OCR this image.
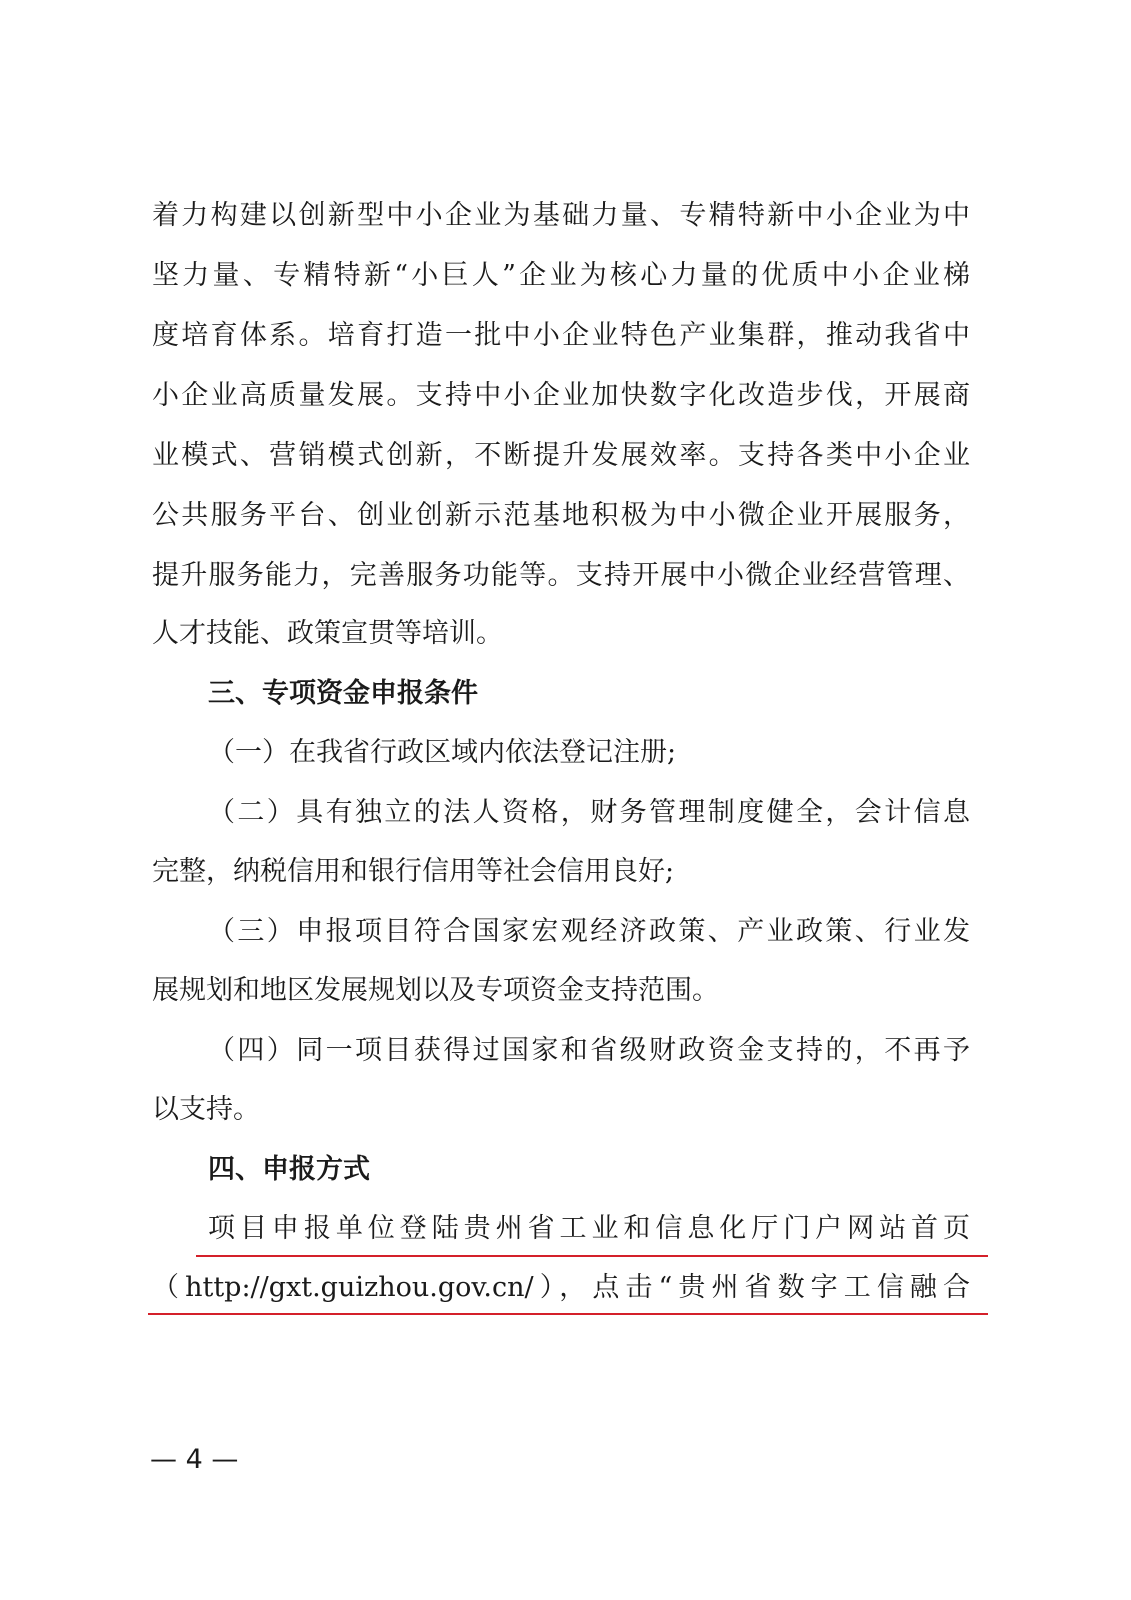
着力构建以创新型中小企业为基础力量、专精特新中小企业为中
坚力量、专精特新“小巨人”企业为核心力量的优质中小企业梯
度培育体系。培育打造一批中小企业特色产业集群，推动我省中
小企业高质量发展。支持中小企业加快数字化改造步伐，开展商
业模式、营销模式创新，不断提升发展效率。支持各类中小企业
公共服务平台、创业创新示范基地积极为中小微企业开展服务，
提升服务能力，完善服务功能等。支持开展中小微企业经营管理、
人才技能、政策宣贯等培训。
三、专项资金申报条件
（一）在我省行政区域内依法登记注册;
（二）具有独立的法人资格，财务管理制度健全，会计信息
完整，纳税信用和银行信用等社会信用良好;
（三）申报项目符合国家宏观经济政策、产业政策、行业发
展规划和地区发展规划以及专项资金支持范围。
（四）同一项目获得过国家和省级财政资金支持的，不再予
以支持。
四、申报方式
项目申报单位登陆贵州省工业和信息化厅门户网站首页
（http://gxt.guizhou.gov.cn/），点击“贵州省数字工信融合
— 4 —
